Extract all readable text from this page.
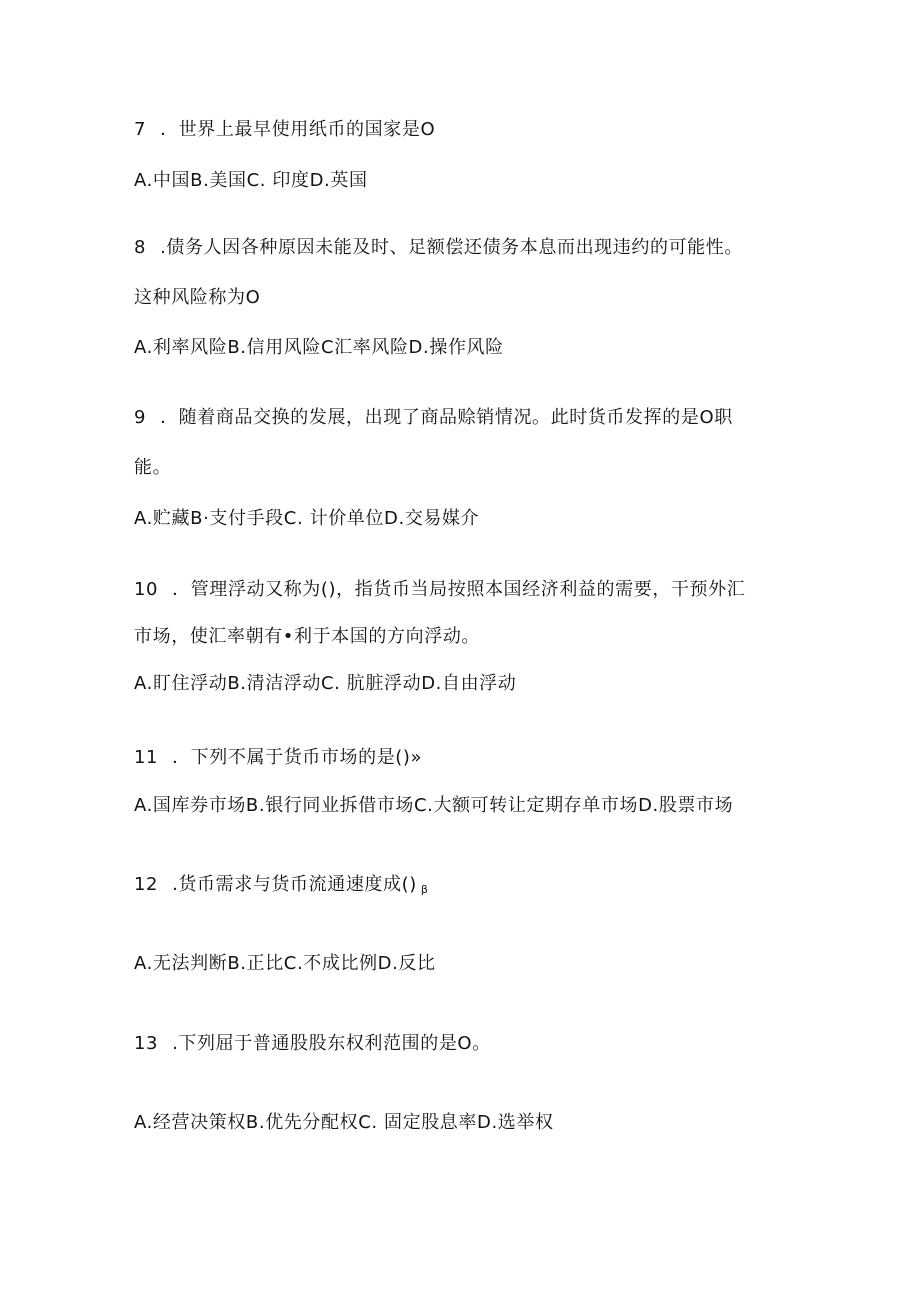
7 ．世界上最早使用纸币的国家是O
A.中国B.美国C. 印度D.英国
8 .债务人因各种原因未能及时、足额偿还债务本息而出现违约的可能性。
这种风险称为O
A.利率风险B.信用风险C汇率风险D.操作风险
9 ．随着商品交换的发展，出现了商品赊销情况。此时货币发挥的是O职
能。
A.贮藏B·支付手段C. 计价单位D.交易媒介
10 ．管理浮动又称为()，指货币当局按照本国经济利益的需要，干预外汇
市场，使汇率朝有•利于本国的方向浮动。
A.盯住浮动B.清洁浮动C. 肮脏浮动D.自由浮动
11 ．下列不属于货币市场的是()»
A.国库券市场B.银行同业拆借市场C.大额可转让定期存单市场D.股票市场
12 .货币需求与货币流通速度成() β
A.无法判断B.正比C.不成比例D.反比
13 .下列屈于普通股股东权利范围的是O。
A.经营决策权B.优先分配权C. 固定股息率D.选举权
